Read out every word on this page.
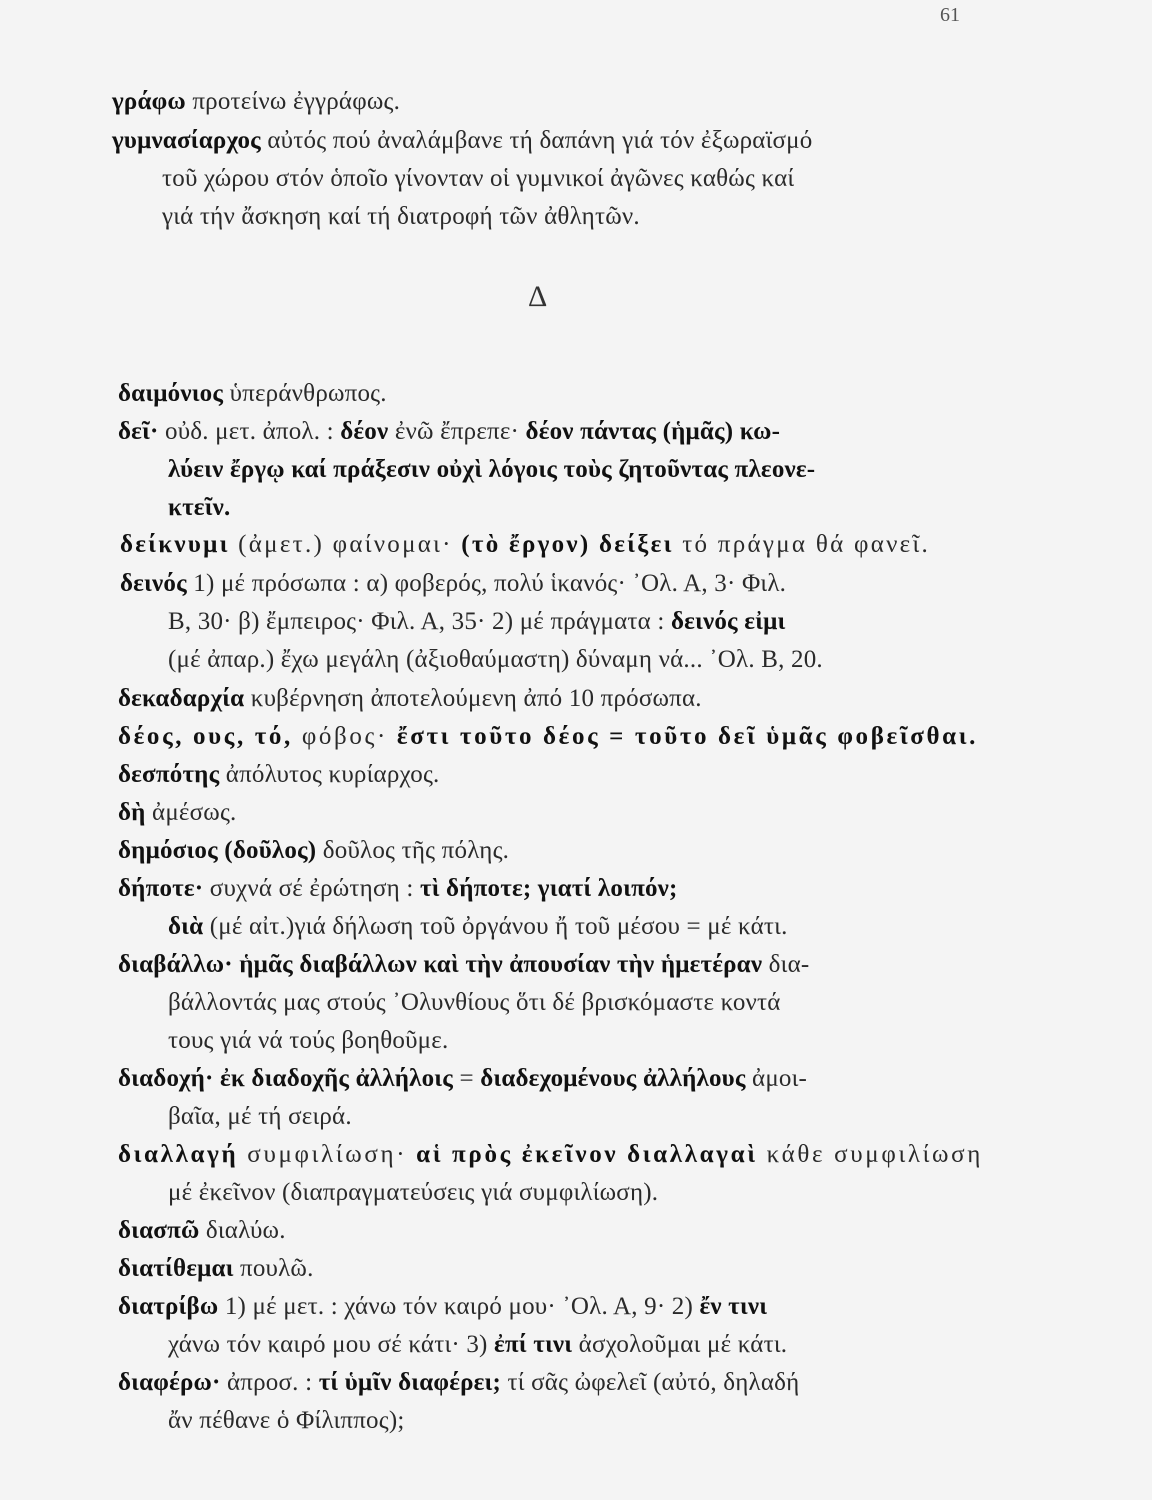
61
Δ
γράφω προτείνω ἐγγράφως.
γυμνασίαρχος αὐτός πού ἀναλάμβανε τή δαπάνη γιά τόν ἐξωραϊσμό
τοῦ χώρου στόν ὁποῖο γίνονταν οἱ γυμνικοί ἀγῶνες καθώς καί
γιά τήν ἄσκηση καί τή διατροφή τῶν ἀθλητῶν.
δαιμόνιος ὑπεράνθρωπος.
δεῖ· οὐδ. μετ. ἀπολ. : δέον ἐνῶ ἔπρεπε· δέον πάντας (ἡμᾶς) κω-
λύειν ἔργῳ καί πράξεσιν οὐχὶ λόγοις τοὺς ζητοῦντας πλεονε-
κτεῖν.
δείκνυμι (ἀμετ.) φαίνομαι· (τὸ ἔργον) δείξει τό πράγμα θά φανεῖ.
δεινός 1) μέ πρόσωπα : α) φοβερός, πολύ ἱκανός· ᾿Ολ. Α, 3· Φιλ.
Β, 30· β) ἔμπειρος· Φιλ. Α, 35· 2) μέ πράγματα : δεινός εἰμι
(μέ ἀπαρ.) ἔχω μεγάλη (ἀξιοθαύμαστη) δύναμη νά... ᾿Ολ. Β, 20.
δεκαδαρχία κυβέρνηση ἀποτελούμενη ἀπό 10 πρόσωπα.
δέος, ους, τό, φόβος· ἔστι τοῦτο δέος = τοῦτο δεῖ ὑμᾶς φοβεῖσθαι.
δεσπότης ἀπόλυτος κυρίαρχος.
δὴ ἀμέσως.
δημόσιος (δοῦλος) δοῦλος τῆς πόλης.
δήποτε· συχνά σέ ἐρώτηση : τὶ δήποτε; γιατί λοιπόν;
διὰ (μέ αἰτ.)γιά δήλωση τοῦ ὀργάνου ἤ τοῦ μέσου = μέ κάτι.
διαβάλλω· ἡμᾶς διαβάλλων καὶ τὴν ἀπουσίαν τὴν ἡμετέραν δια-
βάλλοντάς μας στούς ᾿Ολυνθίους ὅτι δέ βρισκόμαστε κοντά
τους γιά νά τούς βοηθοῦμε.
διαδοχή· ἐκ διαδοχῆς ἀλλήλοις = διαδεχομένους ἀλλήλους ἀμοι-
βαῖα, μέ τή σειρά.
διαλλαγή συμφιλίωση· αἱ πρὸς ἐκεῖνον διαλλαγαὶ κάθε συμφιλίωση
μέ ἐκεῖνον (διαπραγματεύσεις γιά συμφιλίωση).
διασπῶ διαλύω.
διατίθεμαι πουλῶ.
διατρίβω 1) μέ μετ. : χάνω τόν καιρό μου· ᾿Ολ. Α, 9· 2) ἔν τινι
χάνω τόν καιρό μου σέ κάτι· 3) ἐπί τινι ἀσχολοῦμαι μέ κάτι.
διαφέρω· ἀπροσ. : τί ὑμῖν διαφέρει; τί σᾶς ὠφελεῖ (αὐτό, δηλαδή
ἄν πέθανε ὁ Φίλιππος);
